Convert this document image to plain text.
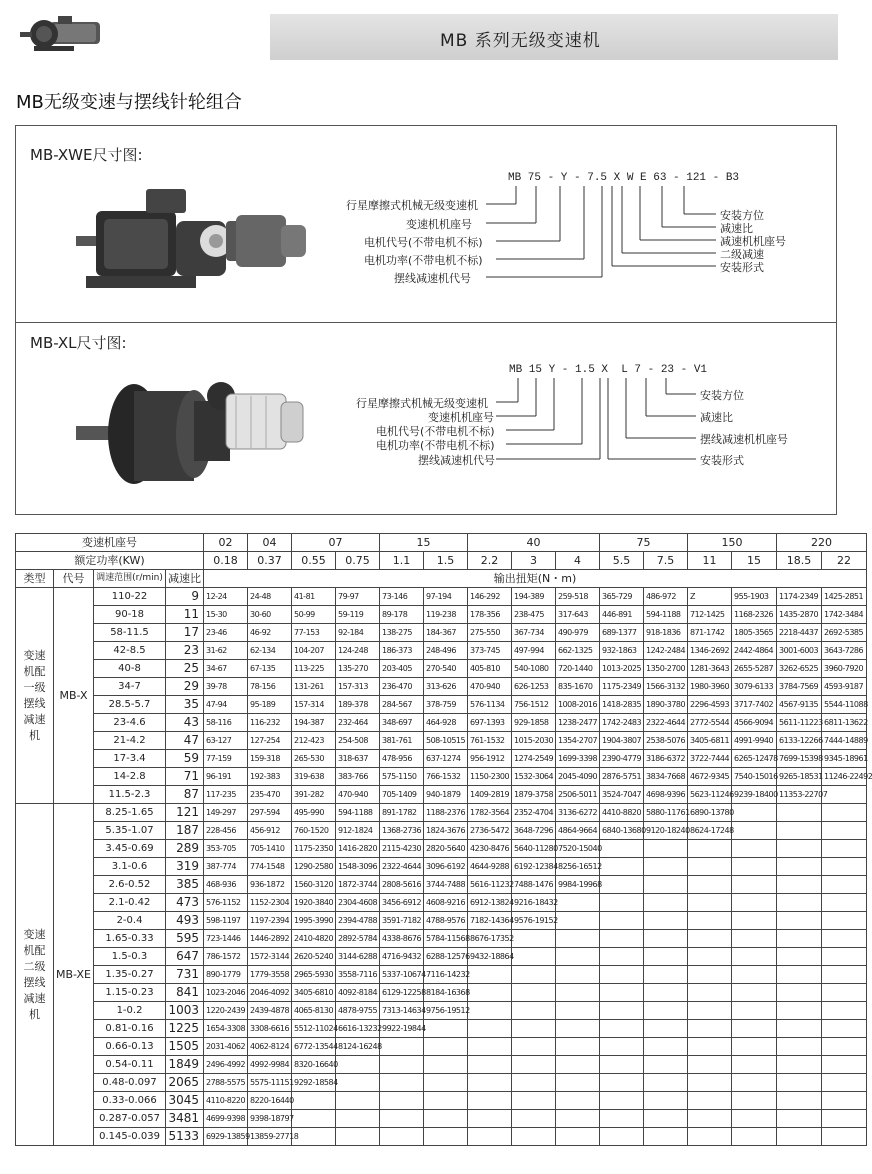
MB 系列无级变速机
MB无级变速与摆线针轮组合
MB-XWE尺寸图:
MB 75 - Y - 7.5 X W E 63 - 121 - B3
行星摩擦式机械无级变速机
变速机机座号
电机代号(不带电机不标)
电机功率(不带电机不标)
摆线减速机代号
安装方位
减速比
减速机机座号
二级减速
安装形式
MB-XL尺寸图:
MB 15 Y - 1.5 X  L 7 - 23 - V1
行星摩擦式机械无级变速机
变速机机座号
电机代号(不带电机不标)
电机功率(不带电机不标)
摆线减速机代号
安装方位
减速比
摆线减速机机座号
安装形式
变速机座号				02	04	07		15		40			75		150		220	
额定功率(KW)				0.18	0.37	0.55	0.75	1.1	1.5	2.2	3	4	5.5	7.5	11	15	18.5	22
类型	代号	调速范围(r/min)	减速比	输出扭矩(N・m)														
变速机配一级摆线减速机	MB-X	110-22	9	12-24	24-48	41-81	79-97	73-146	97-194	146-292	194-389	259-518	365-729	486-972	Z	955-1903	1174-2349	1425-2851
		90-18	11	15-30	30-60	50-99	59-119	89-178	119-238	178-356	238-475	317-643	446-891	594-1188	712-1425	1168-2326	1435-2870	1742-3484
		58-11.5	17	23-46	46-92	77-153	92-184	138-275	184-367	275-550	367-734	490-979	689-1377	918-1836	871-1742	1805-3565	2218-4437	2692-5385
		42-8.5	23	31-62	62-134	104-207	124-248	186-373	248-496	373-745	497-994	662-1325	932-1863	1242-2484	1346-2692	2442-4864	3001-6003	3643-7286
		40-8	25	34-67	67-135	113-225	135-270	203-405	270-540	405-810	540-1080	720-1440	1013-2025	1350-2700	1281-3643	2655-5287	3262-6525	3960-7920
		34-7	29	39-78	78-156	131-261	157-313	236-470	313-626	470-940	626-1253	835-1670	1175-2349	1566-3132	1980-3960	3079-6133	3784-7569	4593-9187
		28.5-5.7	35	47-94	95-189	157-314	189-378	284-567	378-759	576-1134	756-1512	1008-2016	1418-2835	1890-3780	2296-4593	3717-7402	4567-9135	5544-11088
		23-4.6	43	58-116	116-232	194-387	232-464	348-697	464-928	697-1393	929-1858	1238-2477	1742-2483	2322-4644	2772-5544	4566-9094	5611-11223	6811-13622
		21-4.2	47	63-127	127-254	212-423	254-508	381-761	508-10515	761-1532	1015-2030	1354-2707	1904-3807	2538-5076	3405-6811	4991-9940	6133-12266	7444-14889
		17-3.4	59	77-159	159-318	265-530	318-637	478-956	637-1274	956-1912	1274-2549	1699-3398	2390-4779	3186-6372	3722-7444	6265-12478	7699-15398	9345-18961
		14-2.8	71	96-191	192-383	319-638	383-766	575-1150	766-1532	1150-2300	1532-3064	2045-4090	2876-5751	3834-7668	4672-9345	7540-15016	9265-18531	11246-22492
		11.5-2.3	87	117-235	235-470	391-282	470-940	705-1409	940-1879	1409-2819	1879-3758	2506-5011	3524-7047	4698-9396	5623-11246	9239-18400	11353-22707	
变速机配二级摆线减速机	MB-XE	8.25-1.65	121	149-297	297-594	495-990	594-1188	891-1782	1188-2376	1782-3564	2352-4704	3136-6272	4410-8820	5880-11761	6890-13780			
		5.35-1.07	187	228-456	456-912	760-1520	912-1824	1368-2736	1824-3676	2736-5472	3648-7296	4864-9664	6840-13680	9120-18240	8624-17248			
		3.45-0.69	289	353-705	705-1410	1175-2350	1416-2820	2115-4230	2820-5640	4230-8476	5640-11280	7520-15040						
		3.1-0.6	319	387-774	774-1548	1290-2580	1548-3096	2322-4644	3096-6192	4644-9288	6192-12384	8256-16512						
		2.6-0.52	385	468-936	936-1872	1560-3120	1872-3744	2808-5616	3744-7488	5616-11232	7488-1476	9984-19968						
		2.1-0.42	473	576-1152	1152-2304	1920-3840	2304-4608	3456-6912	4608-9216	6912-13824	9216-18432							
		2-0.4	493	598-1197	1197-2394	1995-3990	2394-4788	3591-7182	4788-9576	7182-14364	9576-19152							
		1.65-0.33	595	723-1446	1446-2892	2410-4820	2892-5784	4338-8676	5784-11568	8676-17352								
		1.5-0.3	647	786-1572	1572-3144	2620-5240	3144-6288	4716-9432	6288-12576	9432-18864								
		1.35-0.27	731	890-1779	1779-3558	2965-5930	3558-7116	5337-10674	7116-14232									
		1.15-0.23	841	1023-2046	2046-4092	3405-6810	4092-8184	6129-12258	8184-16368									
		1-0.2	1003	1220-2439	2439-4878	4065-8130	4878-9755	7313-14634	9756-19512									
		0.81-0.16	1225	1654-3308	3308-6616	5512-11024	6616-13232	9922-19844										
		0.66-0.13	1505	2031-4062	4062-8124	6772-13544	8124-16248											
		0.54-0.11	1849	2496-4992	4992-9984	8320-16640												
		0.48-0.097	2065	2788-5575	5575-11151	9292-18584												
		0.33-0.066	3045	4110-8220	8220-16440													
		0.287-0.057	3481	4699-9398	9398-18797													
		0.145-0.039	5133	6929-13859	13859-27718													
